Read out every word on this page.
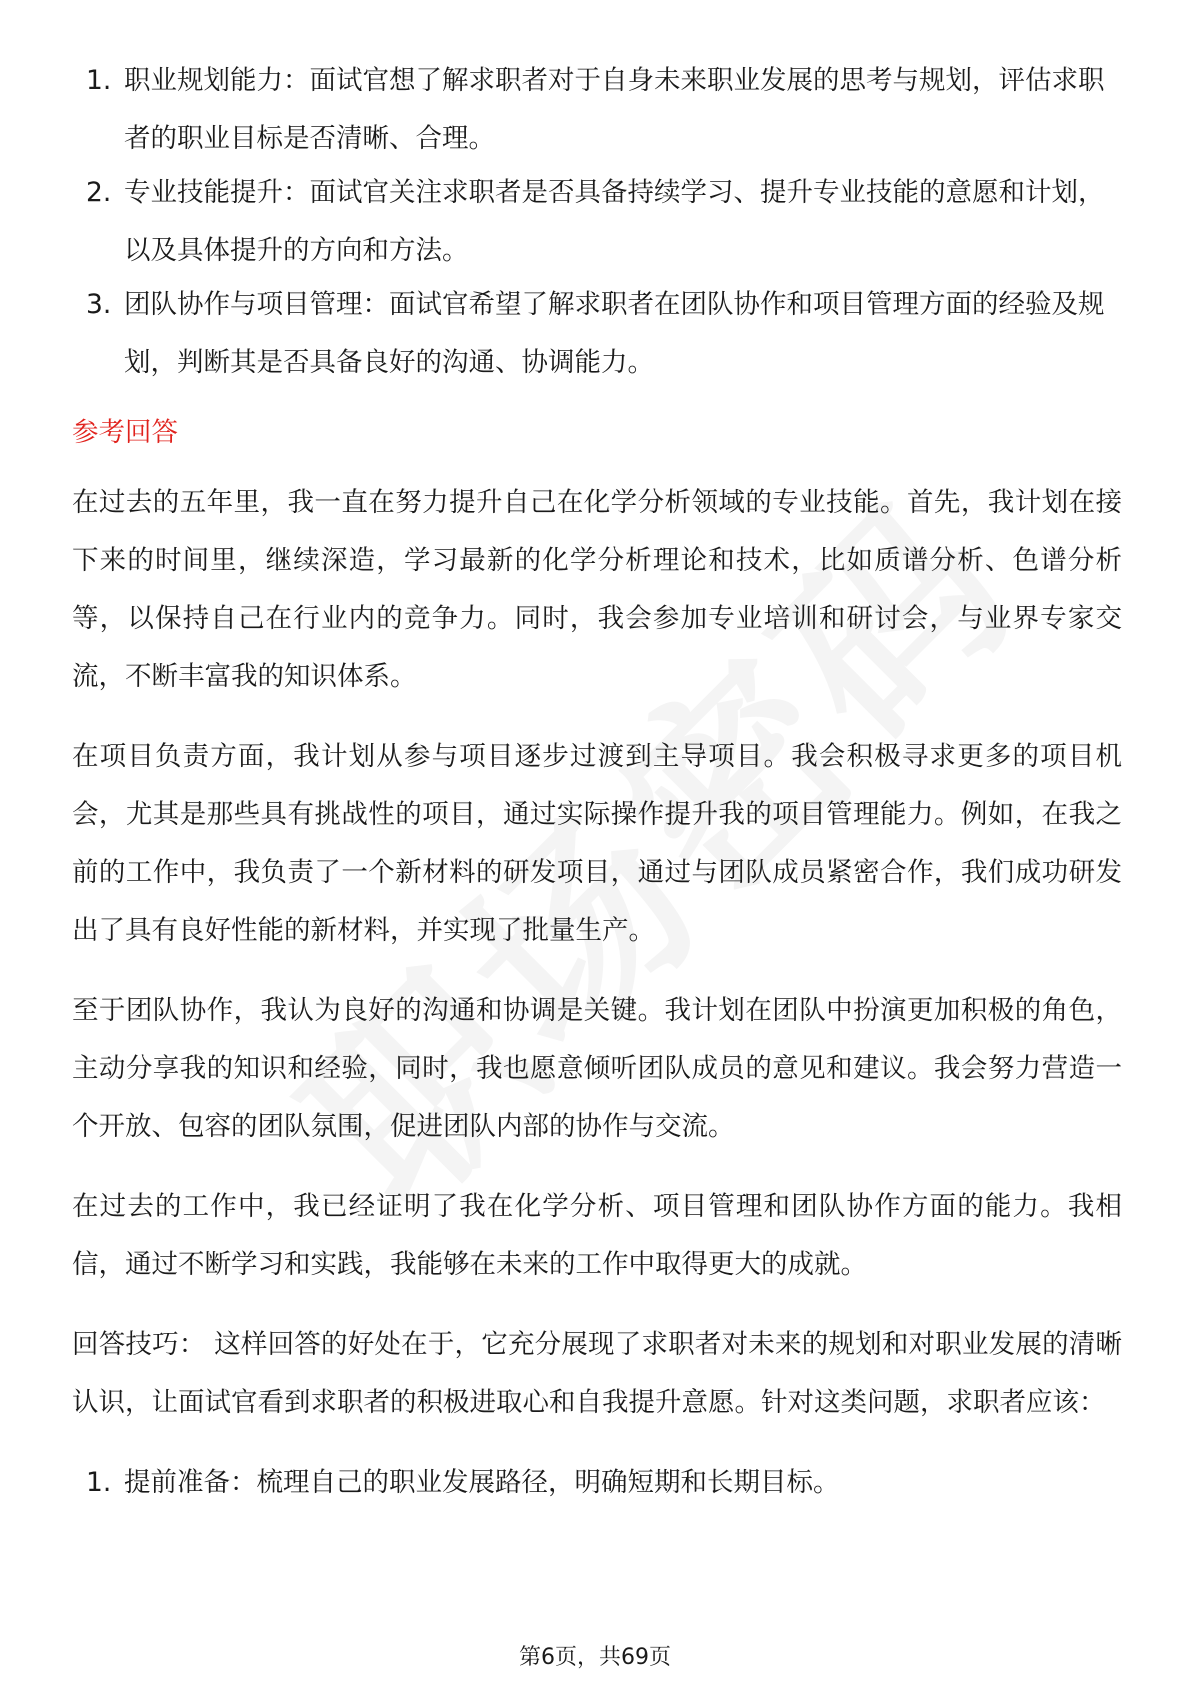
1. 职业规划能力：面试官想了解求职者对于自身未来职业发展的思考与规划，评估求职者的职业目标是否清晰、合理。
2. 专业技能提升：面试官关注求职者是否具备持续学习、提升专业技能的意愿和计划，以及具体提升的方向和方法。
3. 团队协作与项目管理：面试官希望了解求职者在团队协作和项目管理方面的经验及规划，判断其是否具备良好的沟通、协调能力。
参考回答

在过去的五年里，我一直在努力提升自己在化学分析领域的专业技能。首先，我计划在接下来的时间里，继续深造，学习最新的化学分析理论和技术，比如质谱分析、色谱分析等，以保持自己在行业内的竞争力。同时，我会参加专业培训和研讨会，与业界专家交流，不断丰富我的知识体系。

在项目负责方面，我计划从参与项目逐步过渡到主导项目。我会积极寻求更多的项目机会，尤其是那些具有挑战性的项目，通过实际操作提升我的项目管理能力。例如，在我之前的工作中，我负责了一个新材料的研发项目，通过与团队成员紧密合作，我们成功研发出了具有良好性能的新材料，并实现了批量生产。

至于团队协作，我认为良好的沟通和协调是关键。我计划在团队中扮演更加积极的角色，主动分享我的知识和经验，同时，我也愿意倾听团队成员的意见和建议。我会努力营造一个开放、包容的团队氛围，促进团队内部的协作与交流。

在过去的工作中，我已经证明了我在化学分析、项目管理和团队协作方面的能力。我相信，通过不断学习和实践，我能够在未来的工作中取得更大的成就。

回答技巧： 这样回答的好处在于，它充分展现了求职者对未来的规划和对职业发展的清晰认识，让面试官看到求职者的积极进取心和自我提升意愿。针对这类问题，求职者应该：

1. 提前准备：梳理自己的职业发展路径，明确短期和长期目标。
第6页，共69页
